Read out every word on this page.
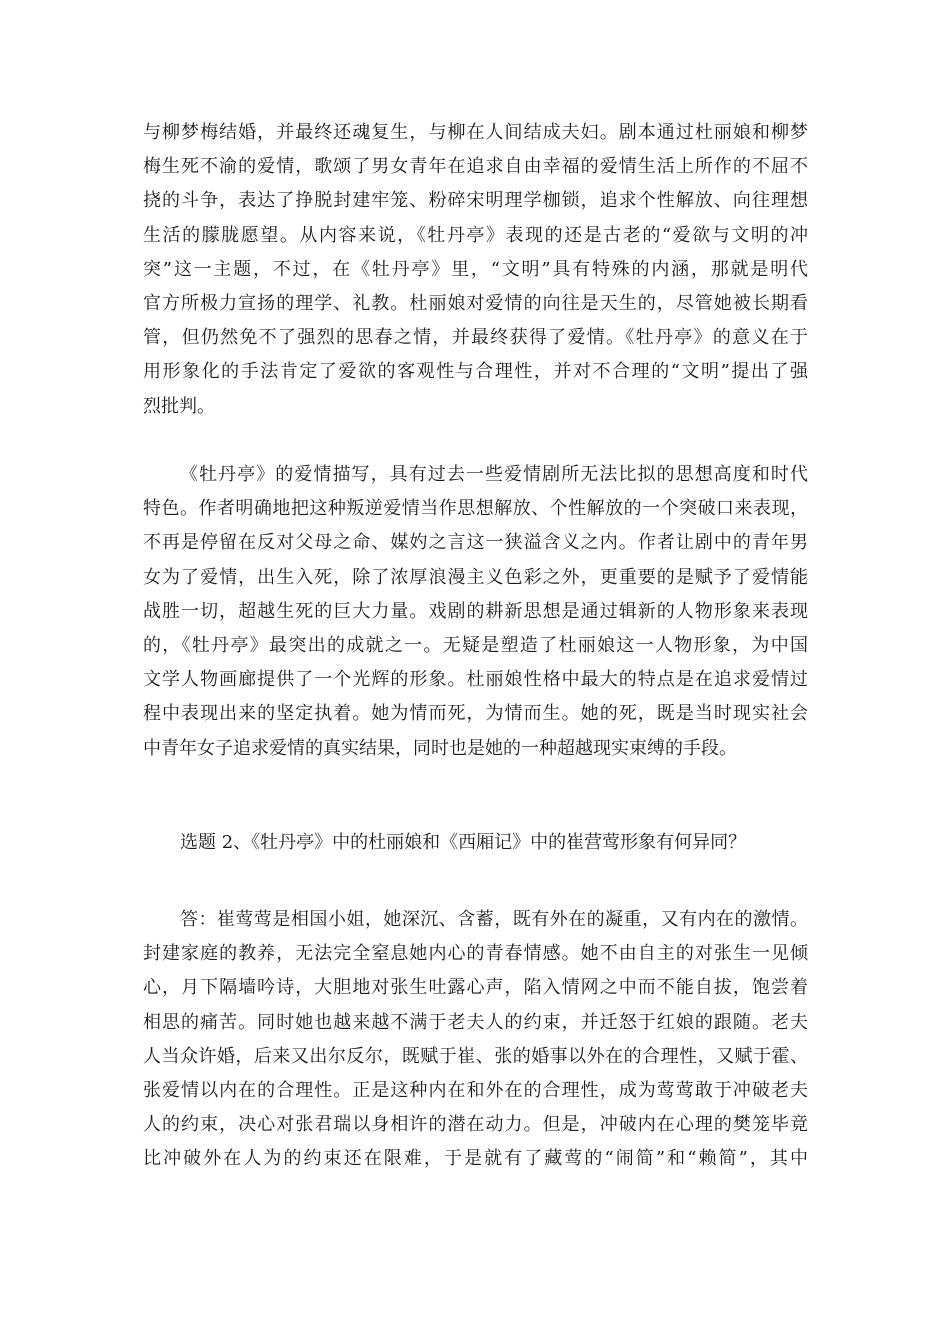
与柳梦梅结婚，并最终还魂复生，与柳在人间结成夫妇。剧本通过杜丽娘和柳梦
梅生死不渝的爱情，歌颂了男女青年在追求自由幸福的爱情生活上所作的不屈不
挠的斗争，表达了挣脱封建牢笼、粉碎宋明理学枷锁，追求个性解放、向往理想
生活的朦胧愿望。从内容来说，《牡丹亭》表现的还是古老的“爱欲与文明的冲
突”这一主题，不过，在《牡丹亭》里，“文明”具有特殊的内涵，那就是明代
官方所极力宣扬的理学、礼教。杜丽娘对爱情的向往是天生的，尽管她被长期看
管，但仍然免不了强烈的思春之情，并最终获得了爱情。《牡丹亭》的意义在于
用形象化的手法肯定了爱欲的客观性与合理性，并对不合理的“文明”提出了强
烈批判。
《牡丹亭》的爱情描写，具有过去一些爱情剧所无法比拟的思想高度和时代
特色。作者明确地把这种叛逆爱情当作思想解放、个性解放的一个突破口来表现，
不再是停留在反对父母之命、媒妁之言这一狭溢含义之内。作者让剧中的青年男
女为了爱情，出生入死，除了浓厚浪漫主义色彩之外，更重要的是赋予了爱情能
战胜一切，超越生死的巨大力量。戏剧的耕新思想是通过辑新的人物形象来表现
的，《牡丹亭》最突出的成就之一。无疑是塑造了杜丽娘这一人物形象，为中国
文学人物画廊提供了一个光辉的形象。杜丽娘性格中最大的特点是在追求爱情过
程中表现出来的坚定执着。她为情而死，为情而生。她的死，既是当时现实社会
中青年女子追求爱情的真实结果，同时也是她的一种超越现实束缚的手段。
选题 2、《牡丹亭》中的杜丽娘和《西厢记》中的崔营莺形象有何异同？
答：崔莺莺是相国小姐，她深沉、含蓄，既有外在的凝重，又有内在的激情。
封建家庭的教养，无法完全窒息她内心的青春情感。她不由自主的对张生一见倾
心，月下隔墙吟诗，大胆地对张生吐露心声，陷入情网之中而不能自拔，饱尝着
相思的痛苦。同时她也越来越不满于老夫人的约束，并迁怒于红娘的跟随。老夫
人当众许婚，后来又出尔反尔，既赋于崔、张的婚事以外在的合理性，又赋于霍、
张爱情以内在的合理性。正是这种内在和外在的合理性，成为莺莺敢于冲破老夫
人的约束，决心对张君瑞以身相许的潜在动力。但是，冲破内在心理的樊笼毕竟
比冲破外在人为的约束还在限难，于是就有了藏莺的“闹简”和“赖简”，其中
